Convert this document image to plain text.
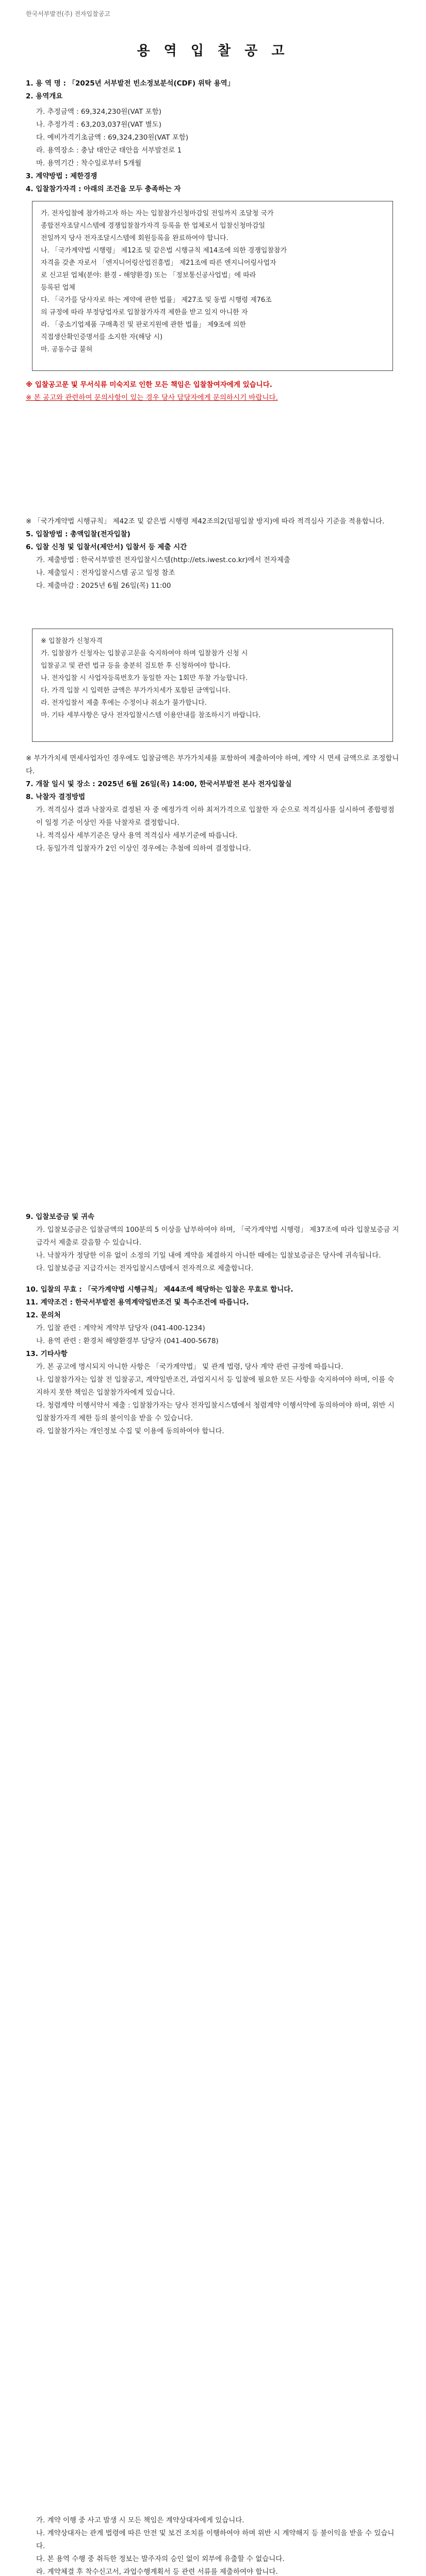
한국서부발전(주) 전자입찰공고
용 역 입 찰 공 고

1. 용 역 명 : 「2025년 서부발전 빈소정보분석(CDF) 위탁 용역」

2. 용역개요

가. 추정금액 : 69,324,230원(VAT 포함)

나. 추정가격 : 63,203,037원(VAT 별도)

다. 예비가격기초금액 : 69,324,230원(VAT 포함)

라. 용역장소 : 충남 태안군 태안읍 서부발전로 1

마. 용역기간 : 착수일로부터 5개월

3. 계약방법 : 제한경쟁

4. 입찰참가자격 : 아래의 조건을 모두 충족하는 자

가. 전자입찰에 참가하고자 하는 자는 입찰참가신청마감일 전일까지 조달청 국가

종합전자조달시스템에 경쟁입찰참가자격 등록을 한 업체로서 입찰신청마감일

전일까지 당사 전자조달시스템에 회원등록을 완료하여야 합니다.

나. 「국가계약법 시행령」 제12조 및 같은법 시행규칙 제14조에 의한 경쟁입찰참가

자격을 갖춘 자로서 「엔지니어링산업진흥법」 제21조에 따른 엔지니어링사업자

로 신고된 업체(분야: 환경 - 해양환경) 또는 「정보통신공사업법」에 따라

등록된 업체

다. 「국가를 당사자로 하는 계약에 관한 법률」 제27조 및 동법 시행령 제76조

의 규정에 따라 부정당업자로 입찰참가자격 제한을 받고 있지 아니한 자

라. 「중소기업제품 구매촉진 및 판로지원에 관한 법률」 제9조에 의한

직접생산확인증명서를 소지한 자(해당 시)

마. 공동수급 불허

※ 입찰공고문 및 무서식류 미숙지로 인한 모든 책임은 입찰참여자에게 있습니다.

※ 본 공고와 관련하여 문의사항이 있는 경우 당사 담당자에게 문의하시기 바랍니다.

※ 「국가계약법 시행규칙」 제42조 및 같은법 시행령 제42조의2(덤핑입찰 방지)에 따라 적격심사 기준을 적용합니다.

5. 입찰방법 : 총액입찰(전자입찰)

6. 입찰 신청 및 입찰서(제안서) 입찰서 등 제출 시간

가. 제출방법 : 한국서부발전 전자입찰시스템(http://ets.iwest.co.kr)에서 전자제출

나. 제출일시 : 전자입찰시스템 공고 일정 참조

다. 제출마감 : 2025년 6월 26일(목) 11:00

※ 입찰참가 신청자격

가. 입찰참가 신청자는 입찰공고문을 숙지하여야 하며 입찰참가 신청 시

입찰공고 및 관련 법규 등을 충분히 검토한 후 신청하여야 합니다.

나. 전자입찰 시 사업자등록번호가 동일한 자는 1회만 투찰 가능합니다.

다. 가격 입찰 시 입력한 금액은 부가가치세가 포함된 금액입니다.

라. 전자입찰서 제출 후에는 수정이나 취소가 불가합니다.

마. 기타 세부사항은 당사 전자입찰시스템 이용안내를 참조하시기 바랍니다.

※ 부가가치세 면세사업자인 경우에도 입찰금액은 부가가치세를 포함하여 제출하여야 하며, 계약 시 면세 금액으로 조정합니다.

7. 개찰 일시 및 장소 : 2025년 6월 26일(목) 14:00, 한국서부발전 본사 전자입찰실

8. 낙찰자 결정방법

가. 적격심사 결과 낙찰자로 결정된 자 중 예정가격 이하 최저가격으로 입찰한 자 순으로 적격심사를 실시하여 종합평점이 일정 기준 이상인 자를 낙찰자로 결정합니다.

나. 적격심사 세부기준은 당사 용역 적격심사 세부기준에 따릅니다.

다. 동일가격 입찰자가 2인 이상인 경우에는 추첨에 의하여 결정합니다.

9. 입찰보증금 및 귀속

가. 입찰보증금은 입찰금액의 100분의 5 이상을 납부하여야 하며, 「국가계약법 시행령」 제37조에 따라 입찰보증금 지급각서 제출로 갈음할 수 있습니다.

나. 낙찰자가 정당한 이유 없이 소정의 기일 내에 계약을 체결하지 아니한 때에는 입찰보증금은 당사에 귀속됩니다.

다. 입찰보증금 지급각서는 전자입찰시스템에서 전자적으로 제출합니다.

10. 입찰의 무효 : 「국가계약법 시행규칙」 제44조에 해당하는 입찰은 무효로 합니다.

11. 계약조건 : 한국서부발전 용역계약일반조건 및 특수조건에 따릅니다.

12. 문의처

가. 입찰 관련 : 계약처 계약부 담당자 (041-400-1234)

나. 용역 관련 : 환경처 해양환경부 담당자 (041-400-5678)

13. 기타사항

가. 본 공고에 명시되지 아니한 사항은 「국가계약법」 및 관계 법령, 당사 계약 관련 규정에 따릅니다.

나. 입찰참가자는 입찰 전 입찰공고, 계약일반조건, 과업지시서 등 입찰에 필요한 모든 사항을 숙지하여야 하며, 이를 숙지하지 못한 책임은 입찰참가자에게 있습니다.

다. 청렴계약 이행서약서 제출 : 입찰참가자는 당사 전자입찰시스템에서 청렴계약 이행서약에 동의하여야 하며, 위반 시 입찰참가자격 제한 등의 불이익을 받을 수 있습니다.

라. 입찰참가자는 개인정보 수집 및 이용에 동의하여야 합니다.

가. 계약 이행 중 사고 발생 시 모든 책임은 계약상대자에게 있습니다.

나. 계약상대자는 관계 법령에 따른 안전 및 보건 조치를 이행하여야 하며 위반 시 계약해지 등 불이익을 받을 수 있습니다.

다. 본 용역 수행 중 취득한 정보는 발주자의 승인 없이 외부에 유출할 수 없습니다.

라. 계약체결 후 착수신고서, 과업수행계획서 등 관련 서류를 제출하여야 합니다.
